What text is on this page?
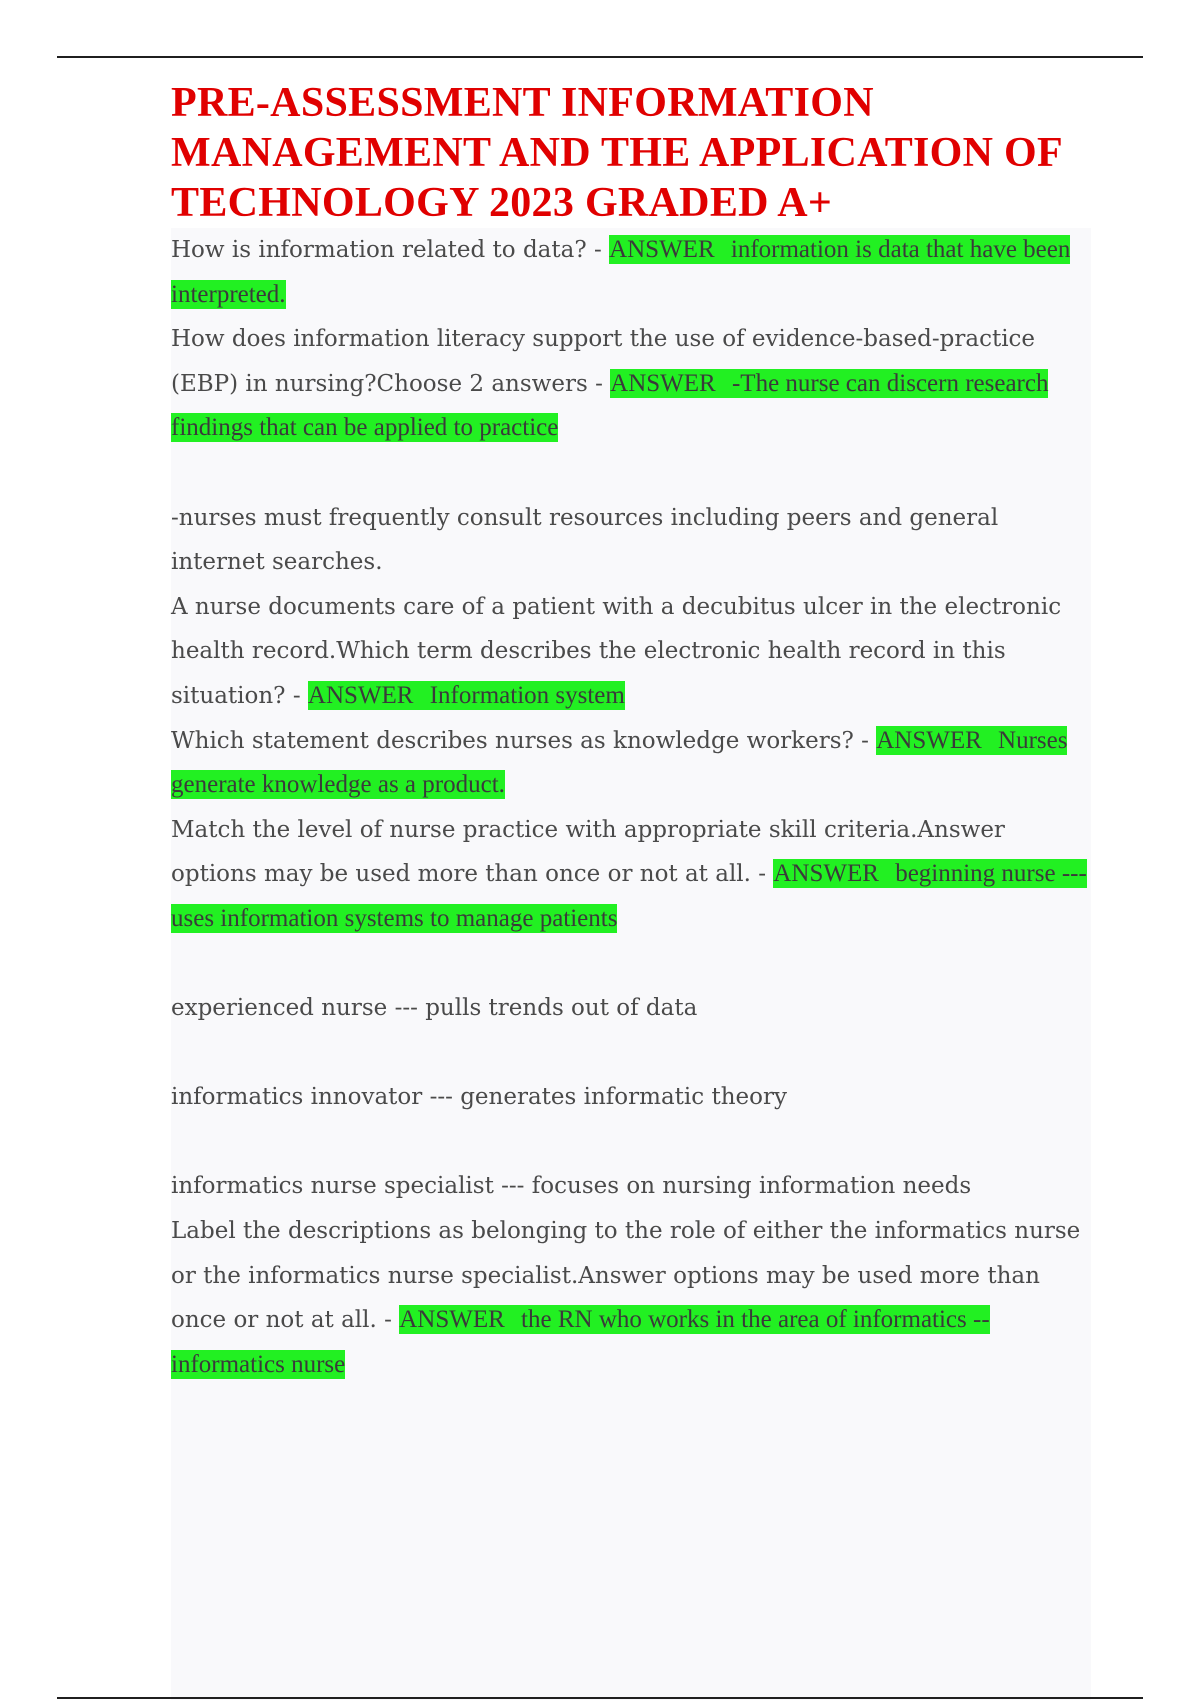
PRE-ASSESSMENT INFORMATION MANAGEMENT AND THE APPLICATION OF TECHNOLOGY 2023 GRADED A+

How is information related to data? - ANSWER information is data that have been interpreted.

How does information literacy support the use of evidence-based-practice (EBP) in nursing?Choose 2 answers - ANSWER -The nurse can discern research findings that can be applied to practice

-nurses must frequently consult resources including peers and general internet searches.

A nurse documents care of a patient with a decubitus ulcer in the electronic health record.Which term describes the electronic health record in this situation? - ANSWER Information system

Which statement describes nurses as knowledge workers? - ANSWER Nurses generate knowledge as a product.

Match the level of nurse practice with appropriate skill criteria.Answer options may be used more than once or not at all. - ANSWER beginning nurse --- uses information systems to manage patients

experienced nurse --- pulls trends out of data

informatics innovator --- generates informatic theory

informatics nurse specialist --- focuses on nursing information needs

Label the descriptions as belonging to the role of either the informatics nurse or the informatics nurse specialist.Answer options may be used more than once or not at all. - ANSWER the RN who works in the area of informatics -- informatics nurse
